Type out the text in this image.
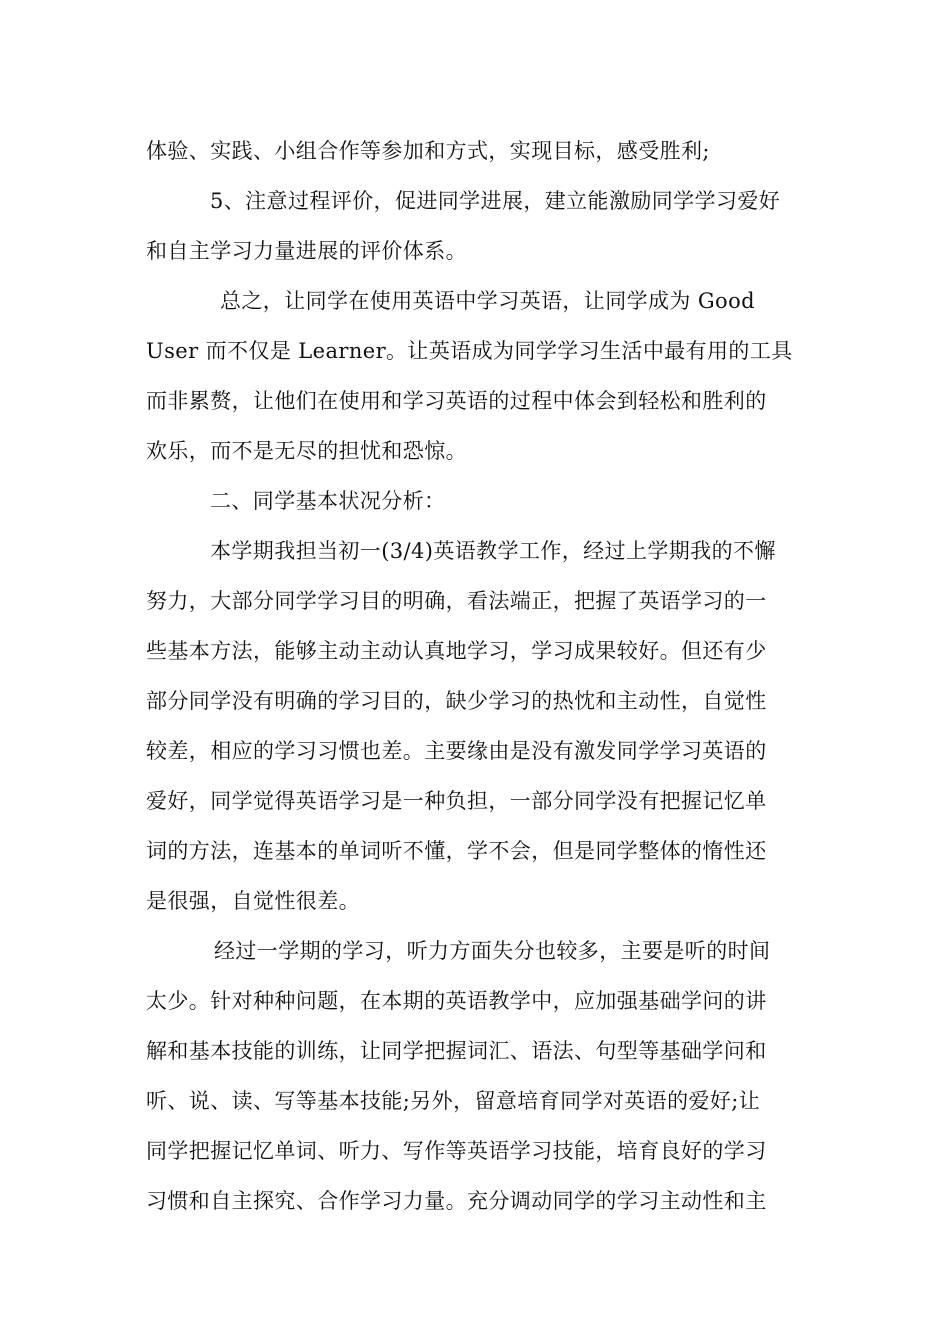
体验、实践、小组合作等参加和方式，实现目标，感受胜利;
5、注意过程评价，促进同学进展，建立能激励同学学习爱好
和自主学习力量进展的评价体系。
总之，让同学在使用英语中学习英语，让同学成为 Good
User 而不仅是 Learner。让英语成为同学学习生活中最有用的工具
而非累赘，让他们在使用和学习英语的过程中体会到轻松和胜利的
欢乐，而不是无尽的担忧和恐惊。
二、同学基本状况分析：
本学期我担当初一(3/4)英语教学工作，经过上学期我的不懈
努力，大部分同学学习目的明确，看法端正，把握了英语学习的一
些基本方法，能够主动主动认真地学习，学习成果较好。但还有少
部分同学没有明确的学习目的，缺少学习的热忱和主动性，自觉性
较差，相应的学习习惯也差。主要缘由是没有激发同学学习英语的
爱好，同学觉得英语学习是一种负担，一部分同学没有把握记忆单
词的方法，连基本的单词听不懂，学不会，但是同学整体的惰性还
是很强，自觉性很差。
经过一学期的学习，听力方面失分也较多，主要是听的时间
太少。针对种种问题，在本期的英语教学中，应加强基础学问的讲
解和基本技能的训练，让同学把握词汇、语法、句型等基础学问和
听、说、读、写等基本技能;另外，留意培育同学对英语的爱好;让
同学把握记忆单词、听力、写作等英语学习技能，培育良好的学习
习惯和自主探究、合作学习力量。充分调动同学的学习主动性和主
